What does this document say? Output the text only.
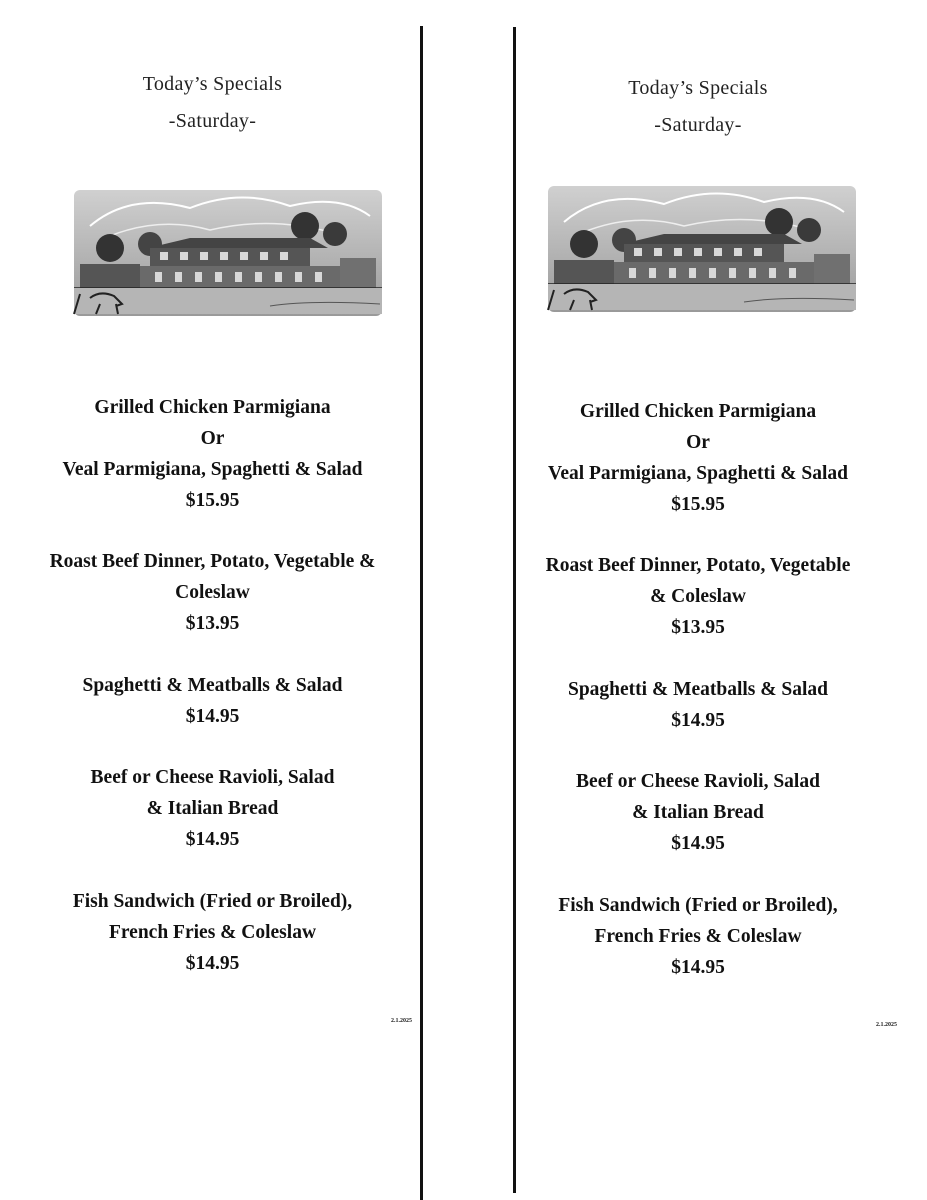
Today’s Specials
-Saturday-
Grilled Chicken Parmigiana
Or
Veal Parmigiana, Spaghetti & Salad
$15.95
Roast Beef Dinner, Potato, Vegetable &
Coleslaw
$13.95
Spaghetti & Meatballs & Salad
$14.95
Beef or Cheese Ravioli, Salad
& Italian Bread
$14.95
Fish Sandwich (Fried or Broiled),
French Fries & Coleslaw
$14.95
2.1.2025
Today’s Specials
-Saturday-
Grilled Chicken Parmigiana
Or
Veal Parmigiana, Spaghetti & Salad
$15.95
Roast Beef Dinner, Potato, Vegetable
& Coleslaw
$13.95
Spaghetti & Meatballs & Salad
$14.95
Beef or Cheese Ravioli, Salad
& Italian Bread
$14.95
Fish Sandwich (Fried or Broiled),
French Fries & Coleslaw
$14.95
2.1.2025
